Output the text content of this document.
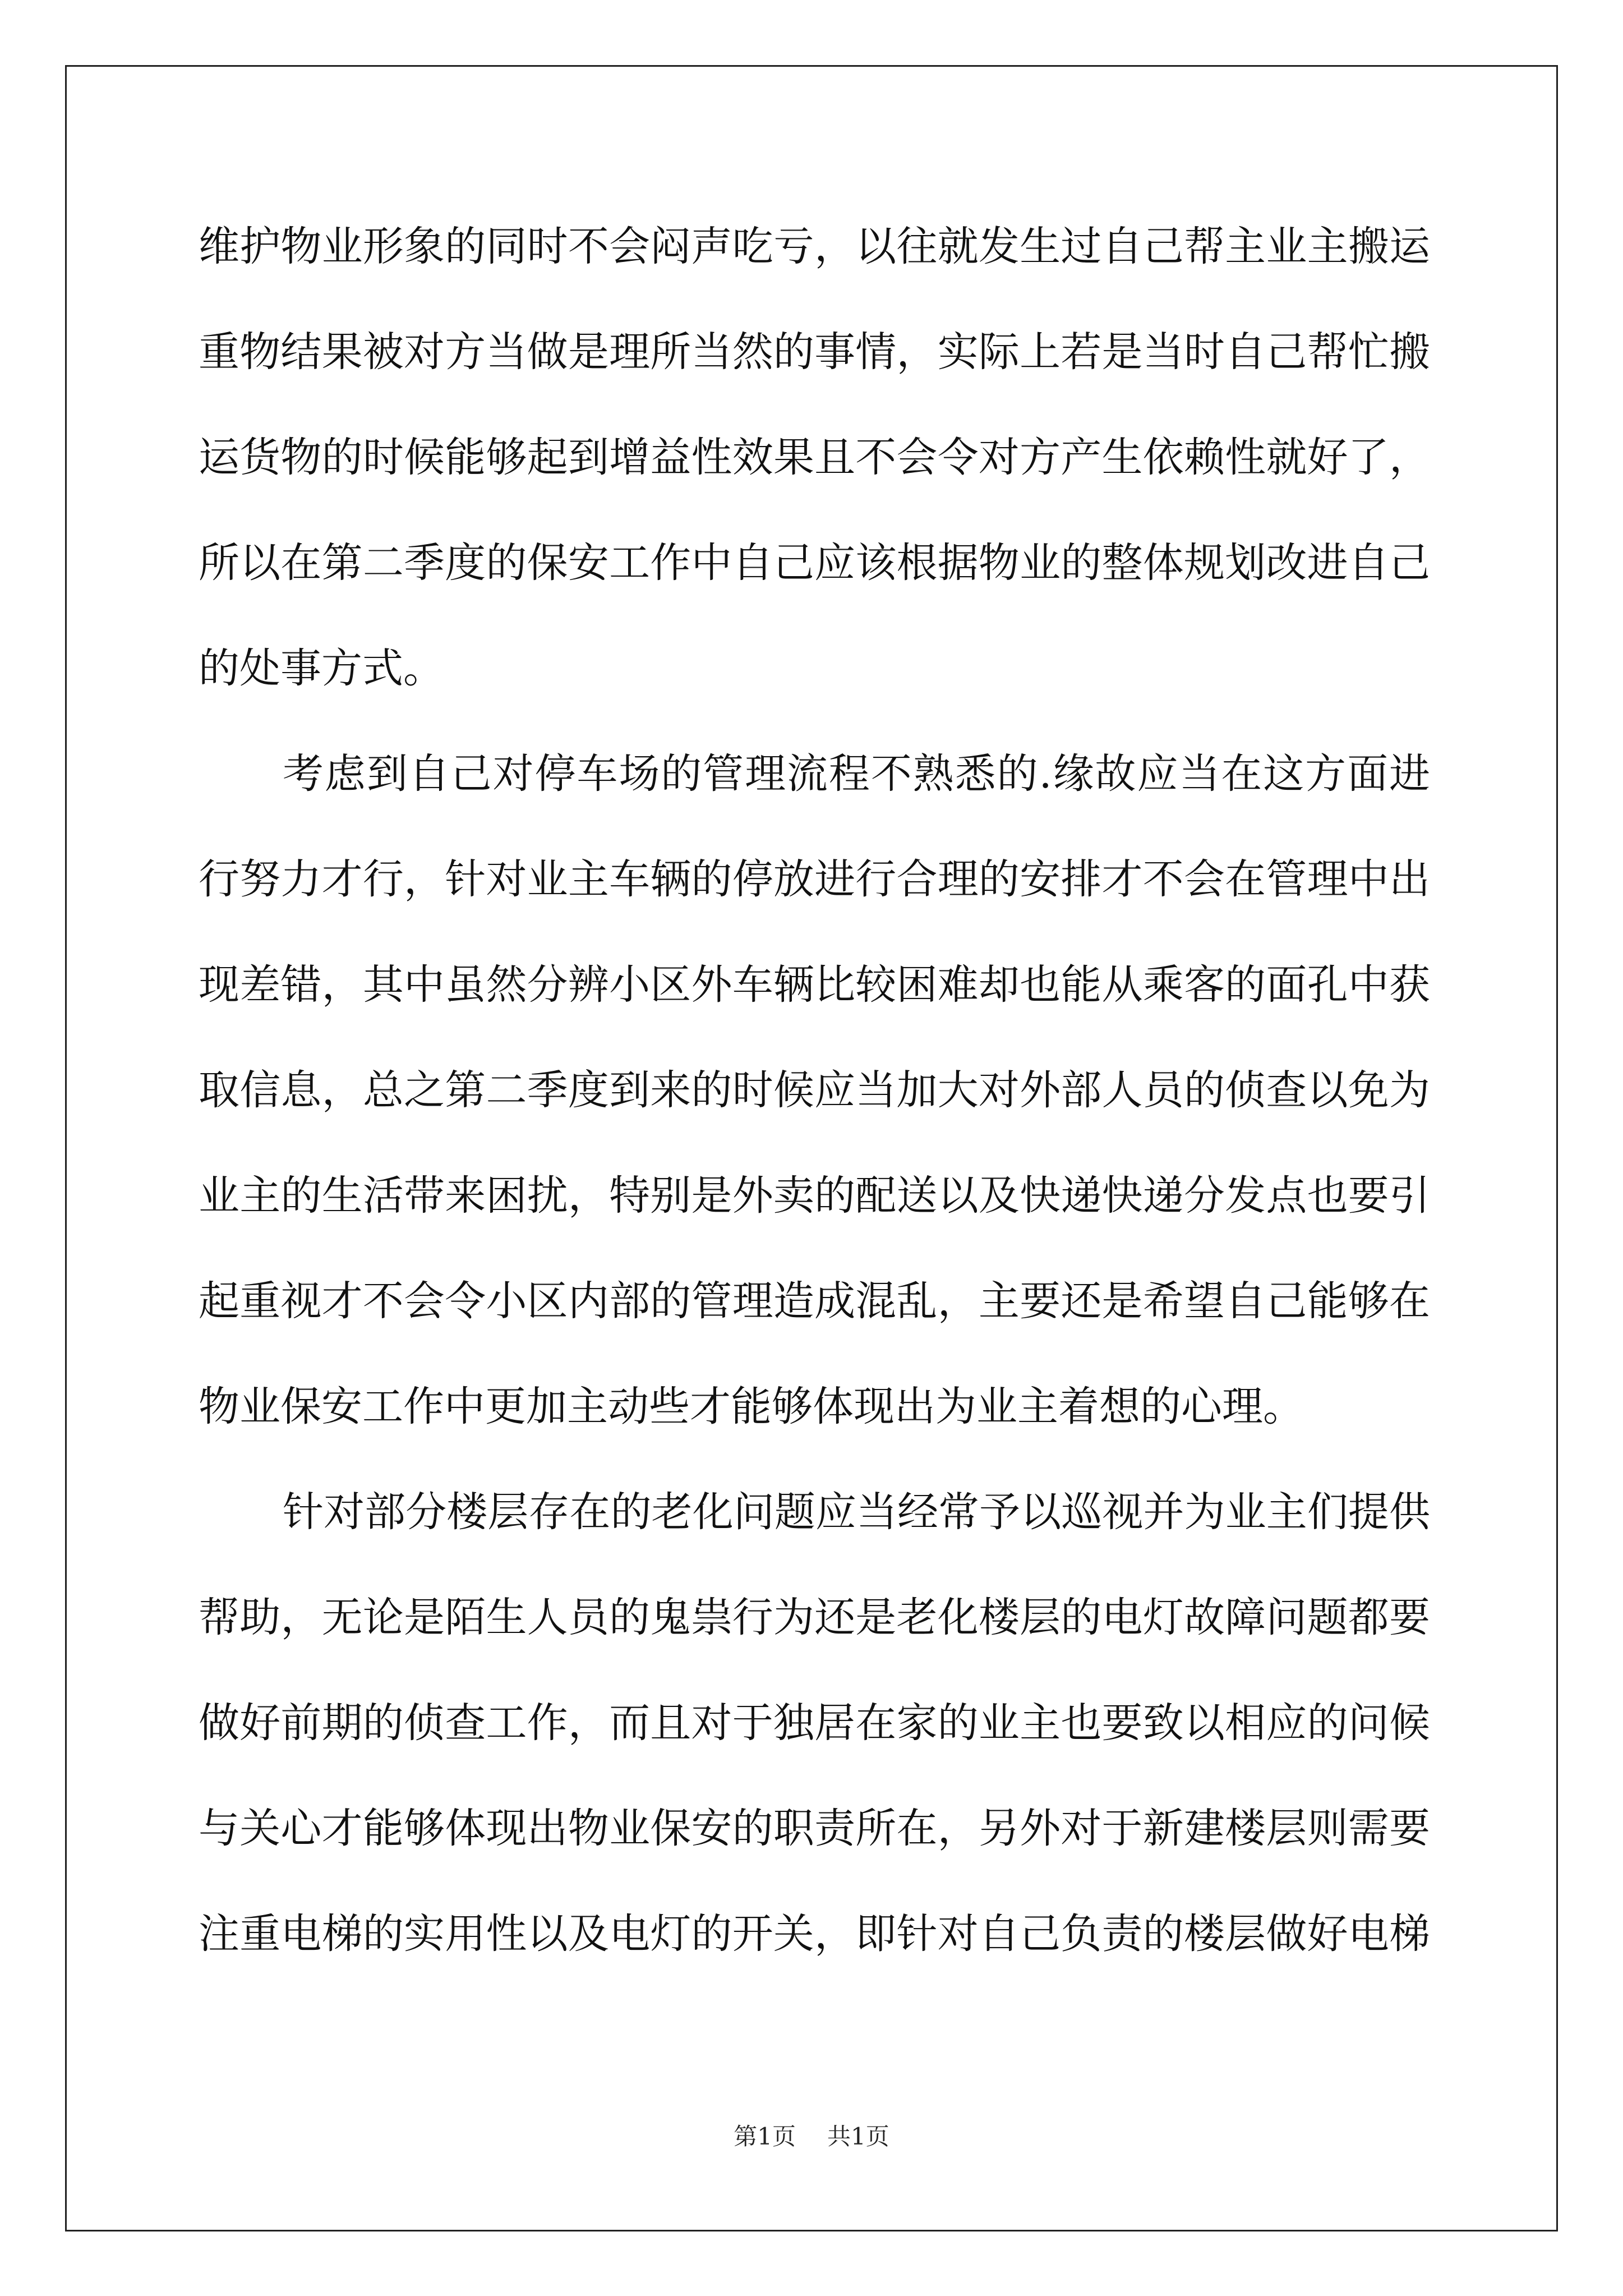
维护物业形象的同时不会闷声吃亏，以往就发生过自己帮主业主搬运
重物结果被对方当做是理所当然的事情，实际上若是当时自己帮忙搬
运货物的时候能够起到增益性效果且不会令对方产生依赖性就好了，
所以在第二季度的保安工作中自己应该根据物业的整体规划改进自己
的处事方式。
考虑到自己对停车场的管理流程不熟悉的.缘故应当在这方面进
行努力才行，针对业主车辆的停放进行合理的安排才不会在管理中出
现差错，其中虽然分辨小区外车辆比较困难却也能从乘客的面孔中获
取信息，总之第二季度到来的时候应当加大对外部人员的侦查以免为
业主的生活带来困扰，特别是外卖的配送以及快递快递分发点也要引
起重视才不会令小区内部的管理造成混乱，主要还是希望自己能够在
物业保安工作中更加主动些才能够体现出为业主着想的心理。
针对部分楼层存在的老化问题应当经常予以巡视并为业主们提供
帮助，无论是陌生人员的鬼祟行为还是老化楼层的电灯故障问题都要
做好前期的侦查工作，而且对于独居在家的业主也要致以相应的问候
与关心才能够体现出物业保安的职责所在，另外对于新建楼层则需要
注重电梯的实用性以及电灯的开关，即针对自己负责的楼层做好电梯
第1页 共1页
